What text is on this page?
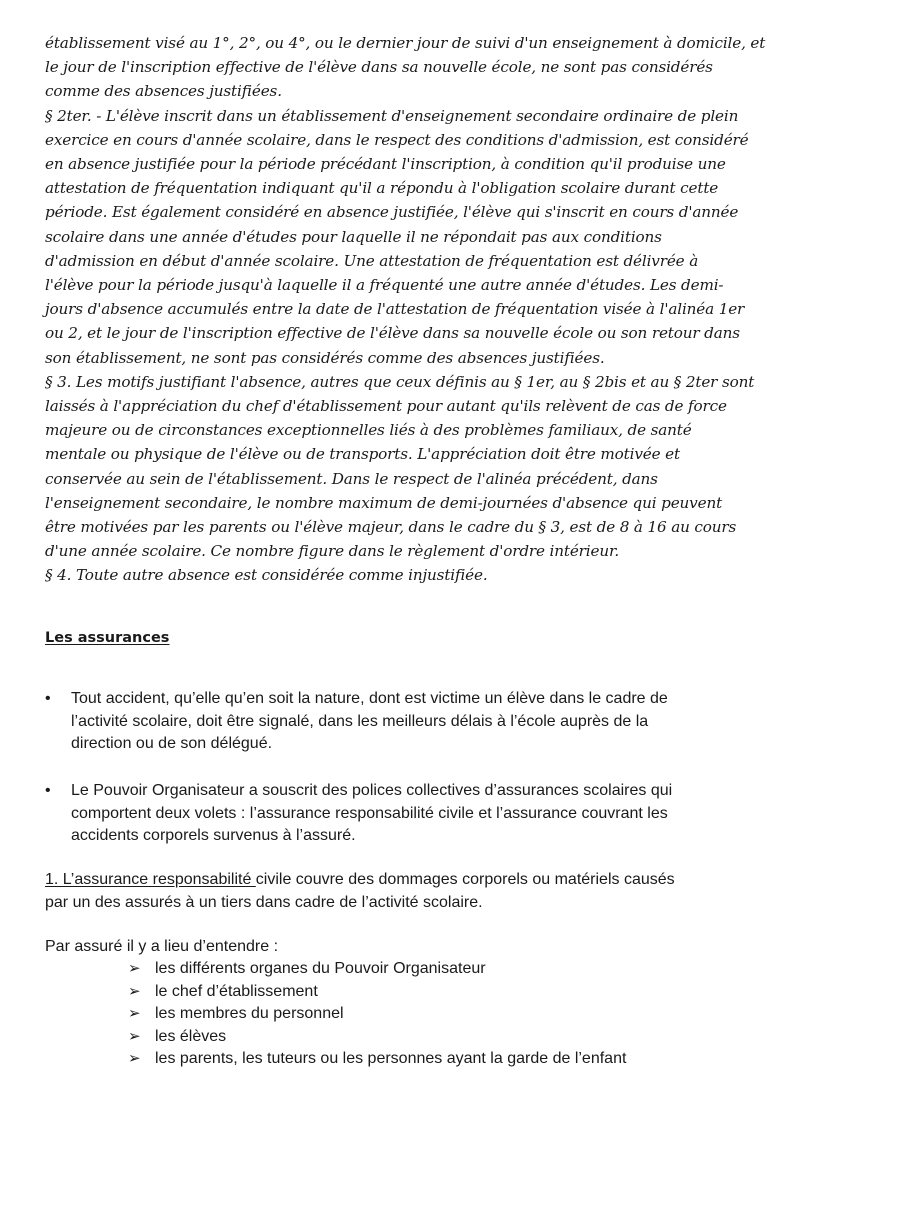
établissement visé au 1°, 2°, ou 4°, ou le dernier jour de suivi d'un enseignement à domicile, et
le jour de l'inscription effective de l'élève dans sa nouvelle école, ne sont pas considérés
comme des absences justifiées.
§ 2ter. - L'élève inscrit dans un établissement d'enseignement secondaire ordinaire de plein
exercice en cours d'année scolaire, dans le respect des conditions d'admission, est considéré
en absence justifiée pour la période précédant l'inscription, à condition qu'il produise une
attestation de fréquentation indiquant qu'il a répondu à l'obligation scolaire durant cette
période. Est également considéré en absence justifiée, l'élève qui s'inscrit en cours d'année
scolaire dans une année d'études pour laquelle il ne répondait pas aux conditions
d'admission en début d'année scolaire. Une attestation de fréquentation est délivrée à
l'élève pour la période jusqu'à laquelle il a fréquenté une autre année d'études. Les demi-
jours d'absence accumulés entre la date de l'attestation de fréquentation visée à l'alinéa 1er
ou 2, et le jour de l'inscription effective de l'élève dans sa nouvelle école ou son retour dans
son établissement, ne sont pas considérés comme des absences justifiées.
§ 3. Les motifs justifiant l'absence, autres que ceux définis au § 1er, au § 2bis et au § 2ter sont
laissés à l'appréciation du chef d'établissement pour autant qu'ils relèvent de cas de force
majeure ou de circonstances exceptionnelles liés à des problèmes familiaux, de santé
mentale ou physique de l'élève ou de transports. L'appréciation doit être motivée et
conservée au sein de l'établissement. Dans le respect de l'alinéa précédent, dans
l'enseignement secondaire, le nombre maximum de demi-journées d'absence qui peuvent
être motivées par les parents ou l'élève majeur, dans le cadre du § 3, est de 8 à 16 au cours
d'une année scolaire. Ce nombre figure dans le règlement d'ordre intérieur.
§ 4. Toute autre absence est considérée comme injustifiée.
Les assurances
•	Tout accident, qu’elle qu’en soit la nature, dont est victime un élève dans le cadre de
l’activité scolaire, doit être signalé, dans les meilleurs délais à l’école auprès de la
direction ou de son délégué.
•	Le Pouvoir Organisateur a souscrit des polices collectives d’assurances scolaires qui
comportent deux volets : l’assurance responsabilité civile et l’assurance couvrant les
accidents corporels survenus à l’assuré.
1. L’assurance responsabilité civile couvre des dommages corporels ou matériels causés
par un des assurés à un tiers dans cadre de l’activité scolaire.
Par assuré il y a lieu d’entendre :
➢ les différents organes du Pouvoir Organisateur
➢ le chef d’établissement
➢ les membres du personnel
➢ les élèves
➢ les parents, les tuteurs ou les personnes ayant la garde de l’enfant
